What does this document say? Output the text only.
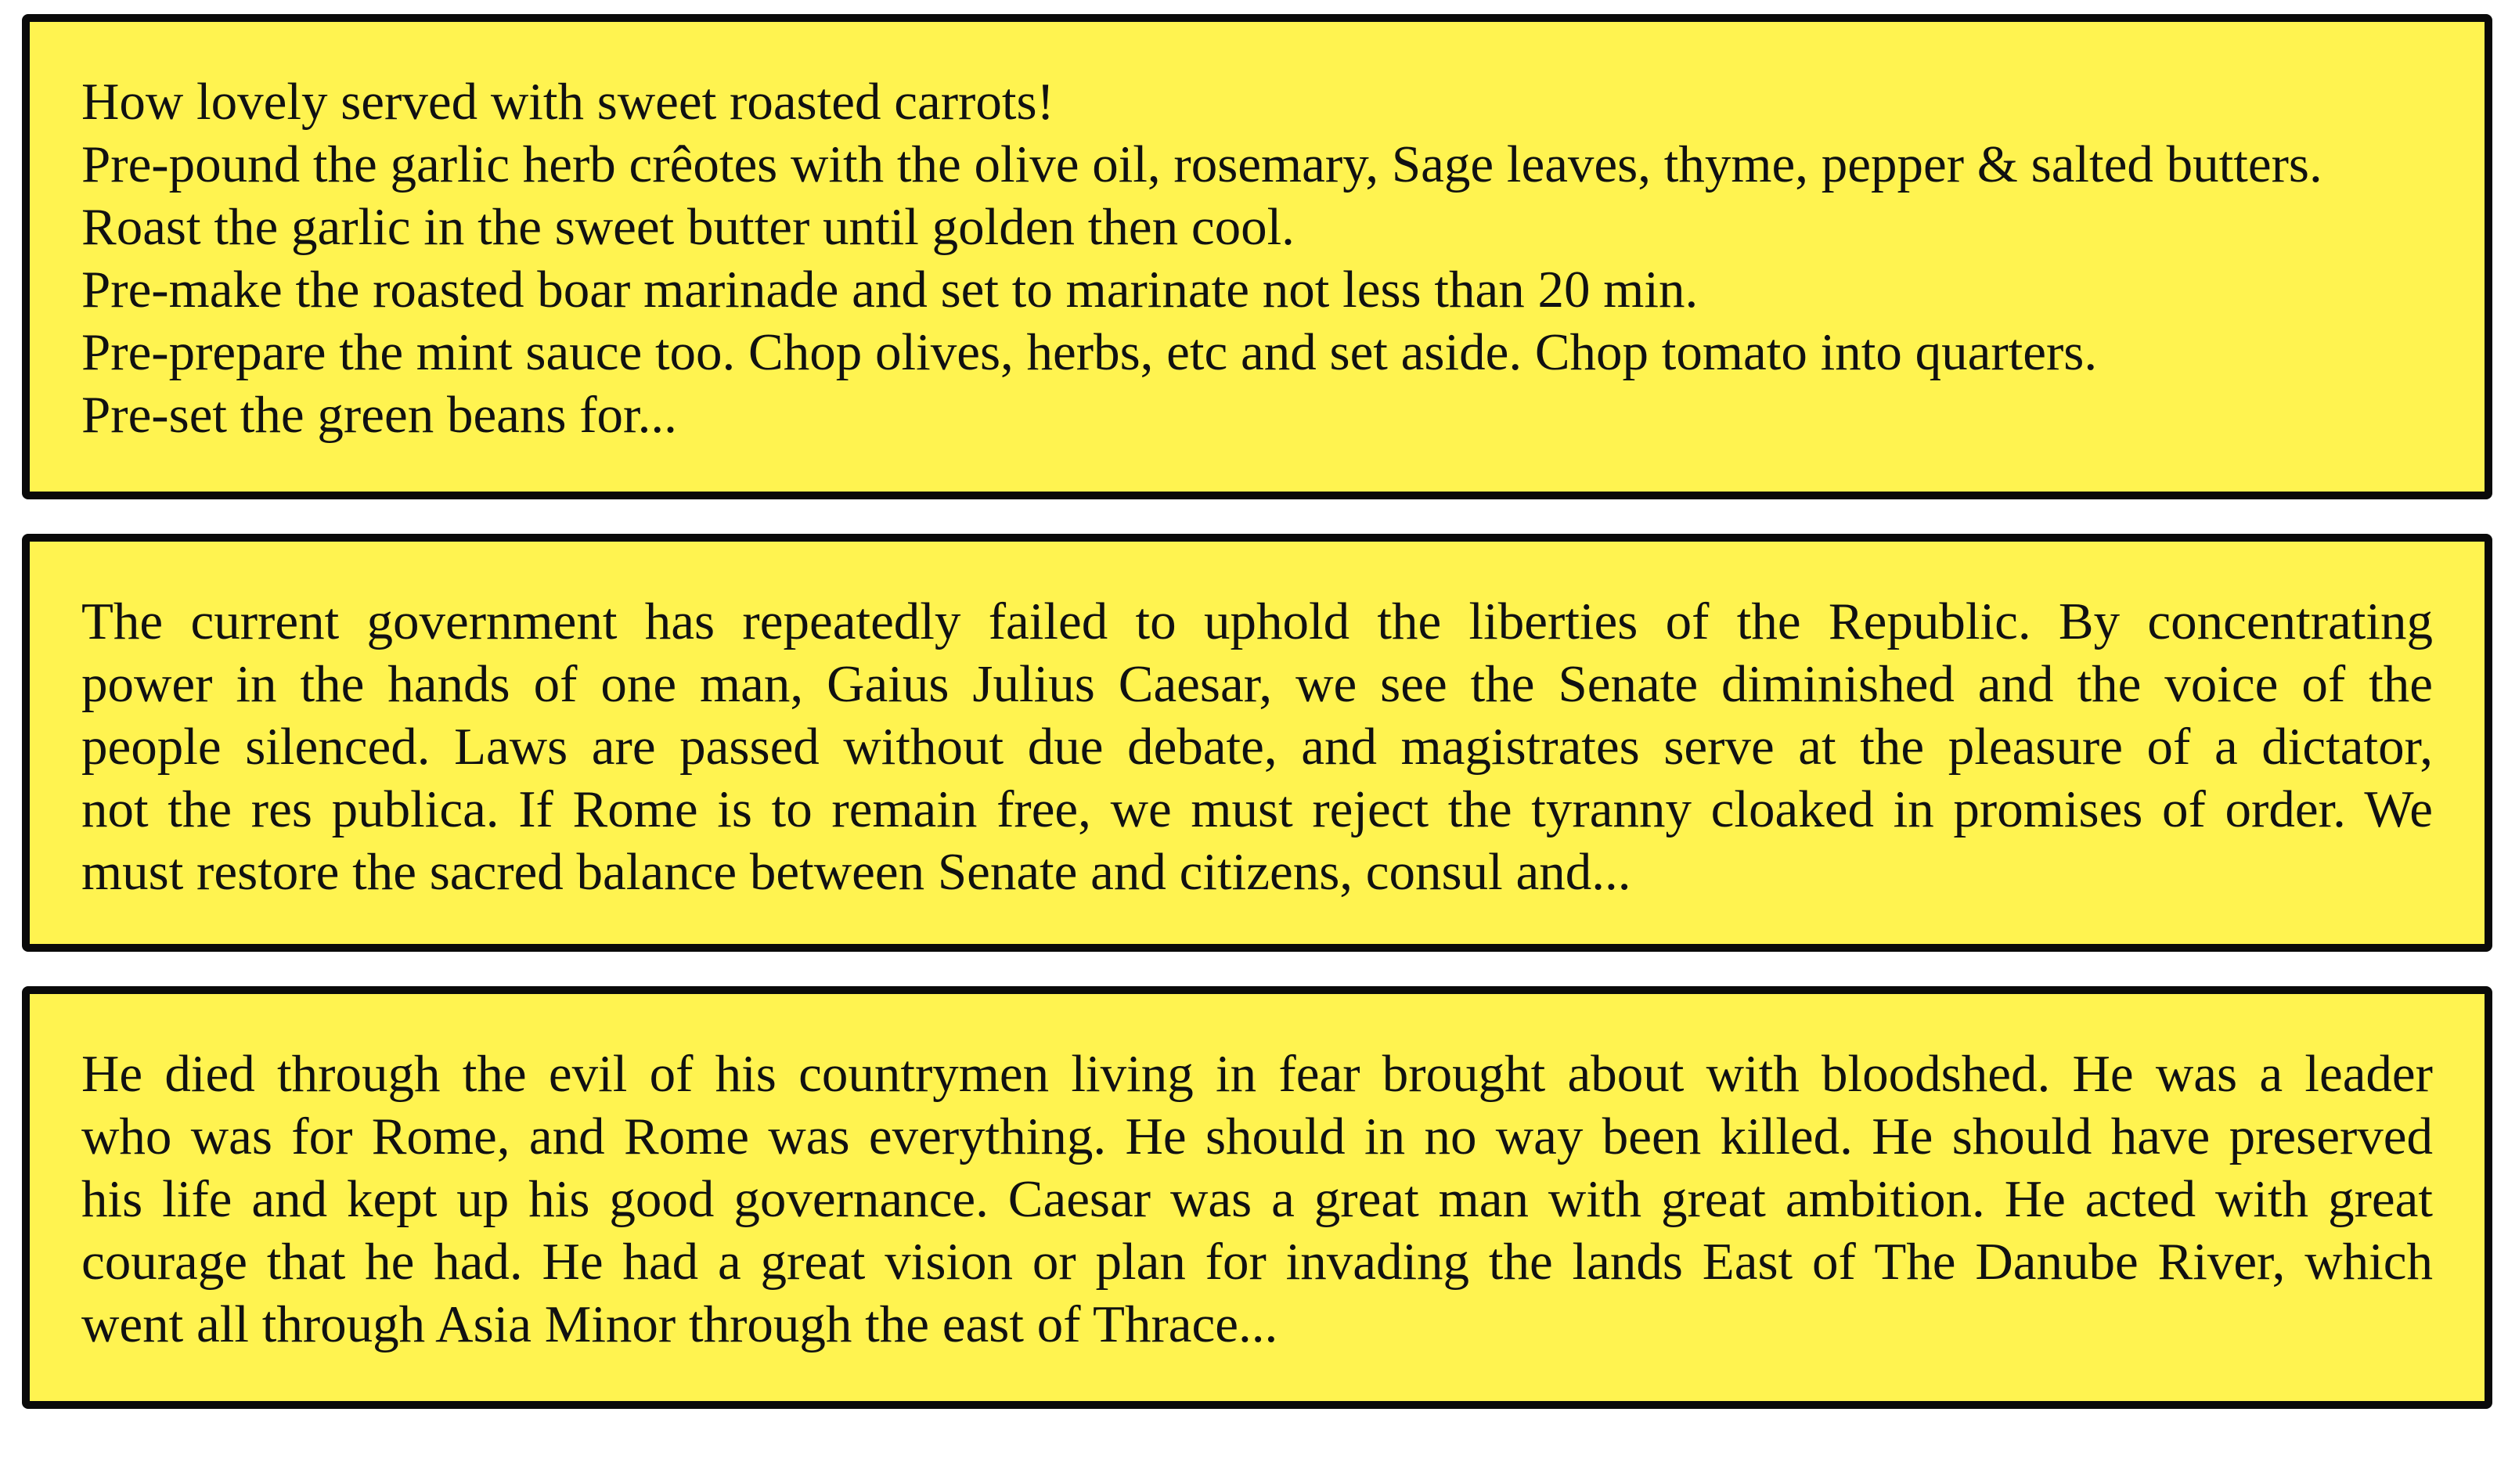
How lovely served with sweet roasted carrots!
Pre-pound the garlic herb crêotes with the olive oil, rosemary, Sage leaves, thyme, pepper & salted butters.
Roast the garlic in the sweet butter until golden then cool.
Pre-make the roasted boar marinade and set to marinate not less than 20 min.
Pre-prepare the mint sauce too. Chop olives, herbs, etc and set aside. Chop tomato into quarters.
Pre-set the green beans for...
The current government has repeatedly failed to uphold the liberties of the Republic. By concentrating
power in the hands of one man, Gaius Julius Caesar, we see the Senate diminished and the voice of the
people silenced. Laws are passed without due debate, and magistrates serve at the pleasure of a dictator,
not the res publica. If Rome is to remain free, we must reject the tyranny cloaked in promises of order. We
must restore the sacred balance between Senate and citizens, consul and...
He died through the evil of his countrymen living in fear brought about with bloodshed. He was a leader
who was for Rome, and Rome was everything. He should in no way been killed. He should have preserved
his life and kept up his good governance. Caesar was a great man with great ambition. He acted with great
courage that he had. He had a great vision or plan for invading the lands East of The Danube River, which
went all through Asia Minor through the east of Thrace...
